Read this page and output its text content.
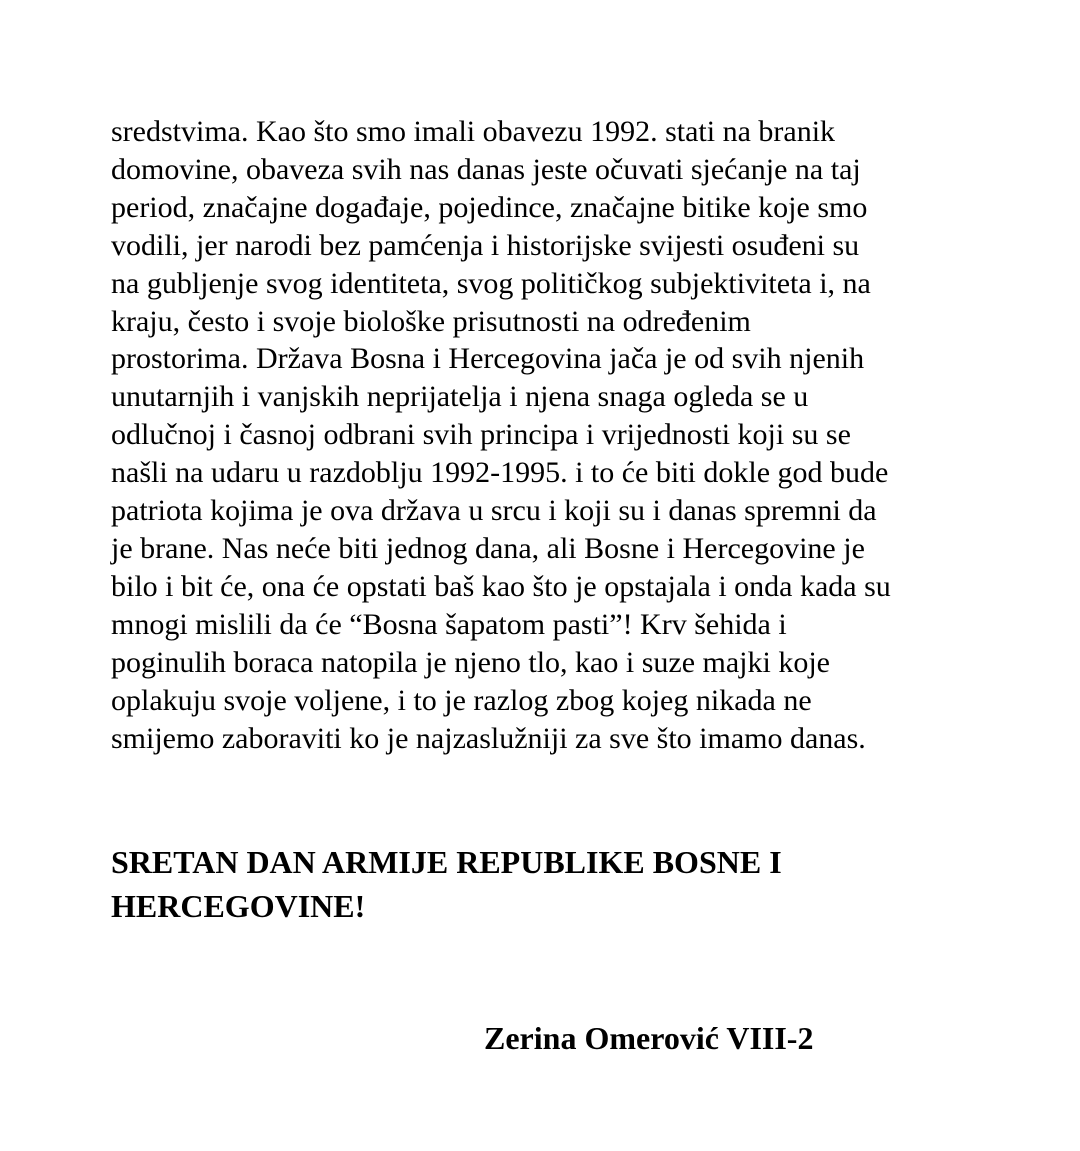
sredstvima. Kao što smo imali obavezu 1992. stati na branik
domovine, obaveza svih nas danas jeste očuvati sjećanje na taj
period, značajne događaje, pojedince, značajne bitike koje smo
vodili, jer narodi bez pamćenja i historijske svijesti osuđeni su
na gubljenje svog identiteta, svog političkog subjektiviteta i, na
kraju, često i svoje biološke prisutnosti na određenim
prostorima. Država Bosna i Hercegovina jača je od svih njenih
unutarnjih i vanjskih neprijatelja i njena snaga ogleda se u
odlučnoj i časnoj odbrani svih principa i vrijednosti koji su se
našli na udaru u razdoblju 1992-1995. i to će biti dokle god bude
patriota kojima je ova država u srcu i koji su i danas spremni da
je brane. Nas neće biti jednog dana, ali Bosne i Hercegovine je
bilo i bit će, ona će opstati baš kao što je opstajala i onda kada su
mnogi mislili da će “Bosna šapatom pasti”! Krv šehida i
poginulih boraca natopila je njeno tlo, kao i suze majki koje
oplakuju svoje voljene, i to je razlog zbog kojeg nikada ne
smijemo zaboraviti ko je najzaslužniji za sve što imamo danas.

SRETAN DAN ARMIJE REPUBLIKE BOSNE I
HERCEGOVINE!

Zerina Omerović VIII-2
